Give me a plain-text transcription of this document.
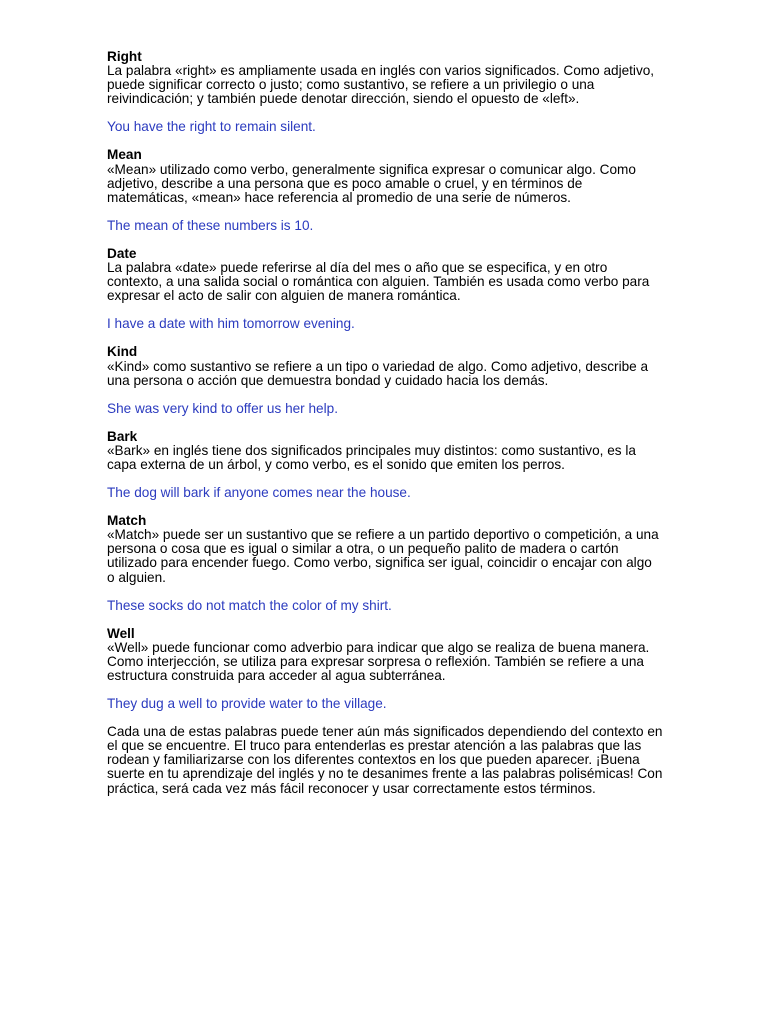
Right
La palabra «right» es ampliamente usada en inglés con varios significados. Como adjetivo, puede significar correcto o justo; como sustantivo, se refiere a un privilegio o una reivindicación; y también puede denotar dirección, siendo el opuesto de «left».
You have the right to remain silent.
Mean
«Mean» utilizado como verbo, generalmente significa expresar o comunicar algo. Como adjetivo, describe a una persona que es poco amable o cruel, y en términos de matemáticas, «mean» hace referencia al promedio de una serie de números.
The mean of these numbers is 10.
Date
La palabra «date» puede referirse al día del mes o año que se especifica, y en otro contexto, a una salida social o romántica con alguien. También es usada como verbo para expresar el acto de salir con alguien de manera romántica.
I have a date with him tomorrow evening.
Kind
«Kind» como sustantivo se refiere a un tipo o variedad de algo. Como adjetivo, describe a una persona o acción que demuestra bondad y cuidado hacia los demás.
She was very kind to offer us her help.
Bark
«Bark» en inglés tiene dos significados principales muy distintos: como sustantivo, es la capa externa de un árbol, y como verbo, es el sonido que emiten los perros.
The dog will bark if anyone comes near the house.
Match
«Match» puede ser un sustantivo que se refiere a un partido deportivo o competición, a una persona o cosa que es igual o similar a otra, o un pequeño palito de madera o cartón utilizado para encender fuego. Como verbo, significa ser igual, coincidir o encajar con algo o alguien.
These socks do not match the color of my shirt.
Well
«Well» puede funcionar como adverbio para indicar que algo se realiza de buena manera. Como interjección, se utiliza para expresar sorpresa o reflexión. También se refiere a una estructura construida para acceder al agua subterránea.
They dug a well to provide water to the village.
Cada una de estas palabras puede tener aún más significados dependiendo del contexto en el que se encuentre. El truco para entenderlas es prestar atención a las palabras que las rodean y familiarizarse con los diferentes contextos en los que pueden aparecer. ¡Buena suerte en tu aprendizaje del inglés y no te desanimes frente a las palabras polisémicas! Con práctica, será cada vez más fácil reconocer y usar correctamente estos términos.
